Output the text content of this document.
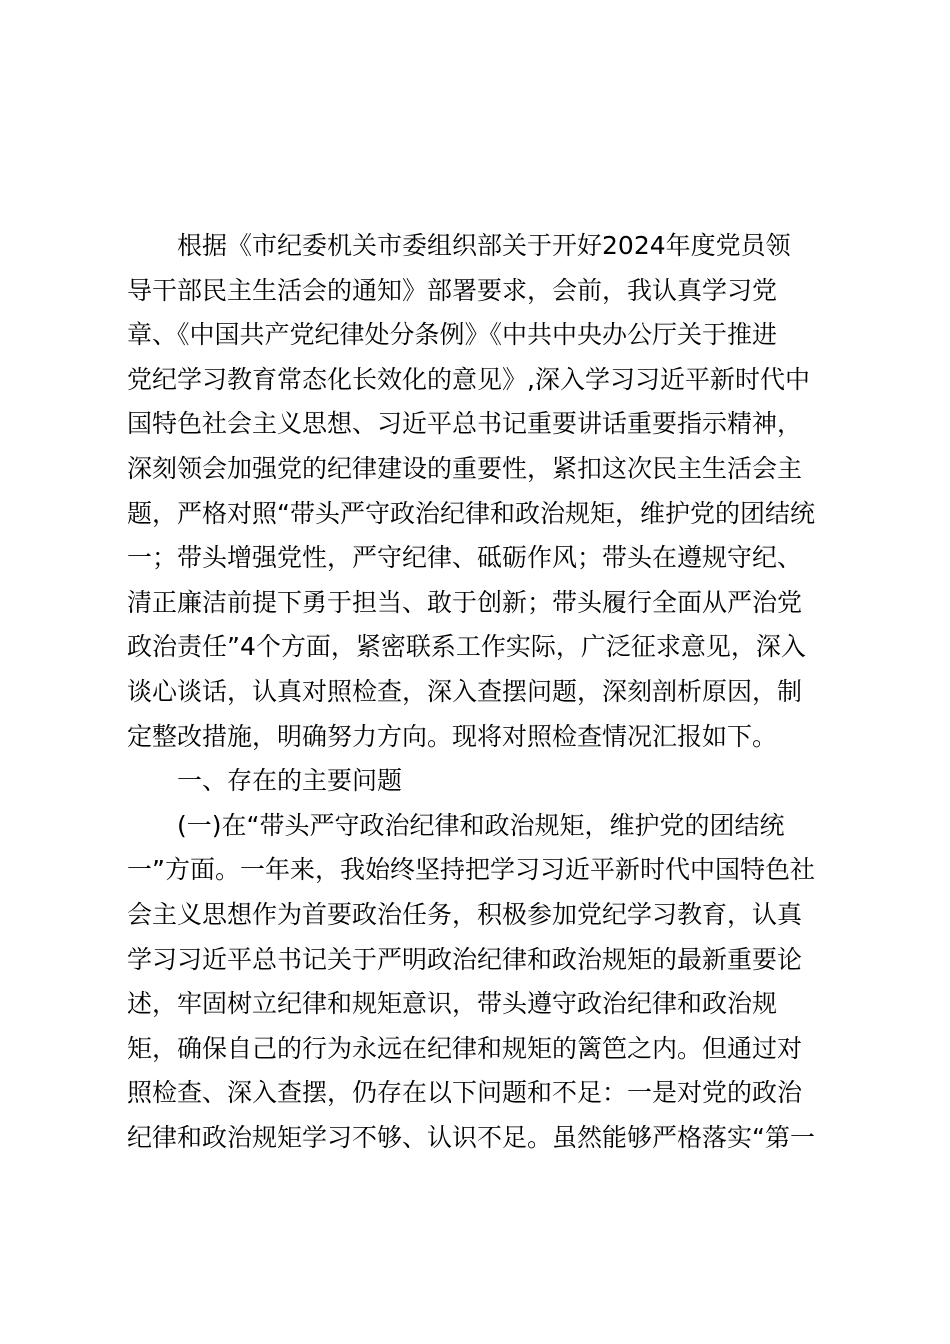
　　根据《市纪委机关市委组织部关于开好2024年度党员领
导干部民主生活会的通知》部署要求，会前，我认真学习党
章、《中国共产党纪律处分条例》《中共中央办公厅关于推进
党纪学习教育常态化长效化的意见》,深入学习习近平新时代中
国特色社会主义思想、习近平总书记重要讲话重要指示精神，
深刻领会加强党的纪律建设的重要性，紧扣这次民主生活会主
题，严格对照“带头严守政治纪律和政治规矩，维护党的团结统
一；带头增强党性，严守纪律、砥砺作风；带头在遵规守纪、
清正廉洁前提下勇于担当、敢于创新；带头履行全面从严治党
政治责任”4个方面，紧密联系工作实际，广泛征求意见，深入
谈心谈话，认真对照检查，深入查摆问题，深刻剖析原因，制
定整改措施，明确努力方向。现将对照检查情况汇报如下。
　　一、存在的主要问题
　　(一)在“带头严守政治纪律和政治规矩，维护党的团结统
一”方面。一年来，我始终坚持把学习习近平新时代中国特色社
会主义思想作为首要政治任务，积极参加党纪学习教育，认真
学习习近平总书记关于严明政治纪律和政治规矩的最新重要论
述，牢固树立纪律和规矩意识，带头遵守政治纪律和政治规
矩，确保自己的行为永远在纪律和规矩的篱笆之内。但通过对
照检查、深入查摆，仍存在以下问题和不足：一是对党的政治
纪律和政治规矩学习不够、认识不足。虽然能够严格落实“第一
